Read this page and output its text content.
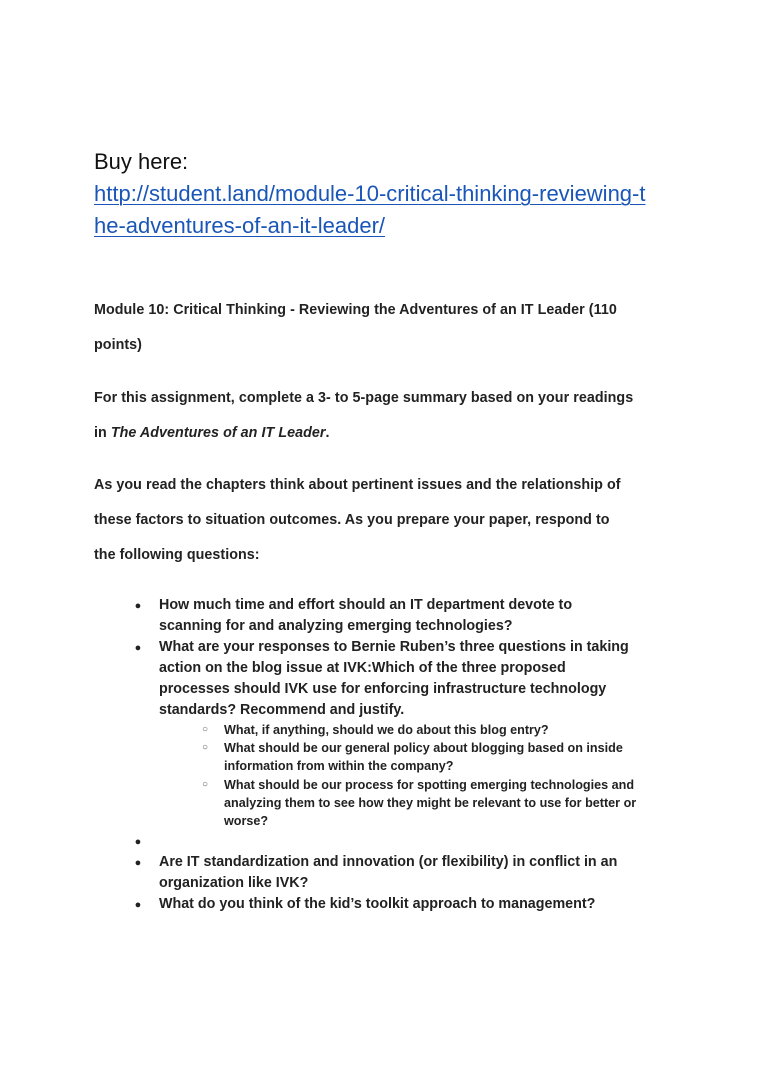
Buy here:
http://student.land/module-10-critical-thinking-reviewing-t
he-adventures-of-an-it-leader/
Module 10: Critical Thinking - Reviewing the Adventures of an IT Leader (110
points)
For this assignment, complete a 3- to 5-page summary based on your readings
in The Adventures of an IT Leader.
As you read the chapters think about pertinent issues and the relationship of
these factors to situation outcomes. As you prepare your paper, respond to
the following questions:
● How much time and effort should an IT department devote to
scanning for and analyzing emerging technologies?
● What are your responses to Bernie Ruben’s three questions in taking
action on the blog issue at IVK:Which of the three proposed
processes should IVK use for enforcing infrastructure technology
standards? Recommend and justify.
○ What, if anything, should we do about this blog entry?
○ What should be our general policy about blogging based on inside
information from within the company?
○ What should be our process for spotting emerging technologies and
analyzing them to see how they might be relevant to use for better or
worse?
●
● Are IT standardization and innovation (or flexibility) in conflict in an
organization like IVK?
● What do you think of the kid’s toolkit approach to management?
